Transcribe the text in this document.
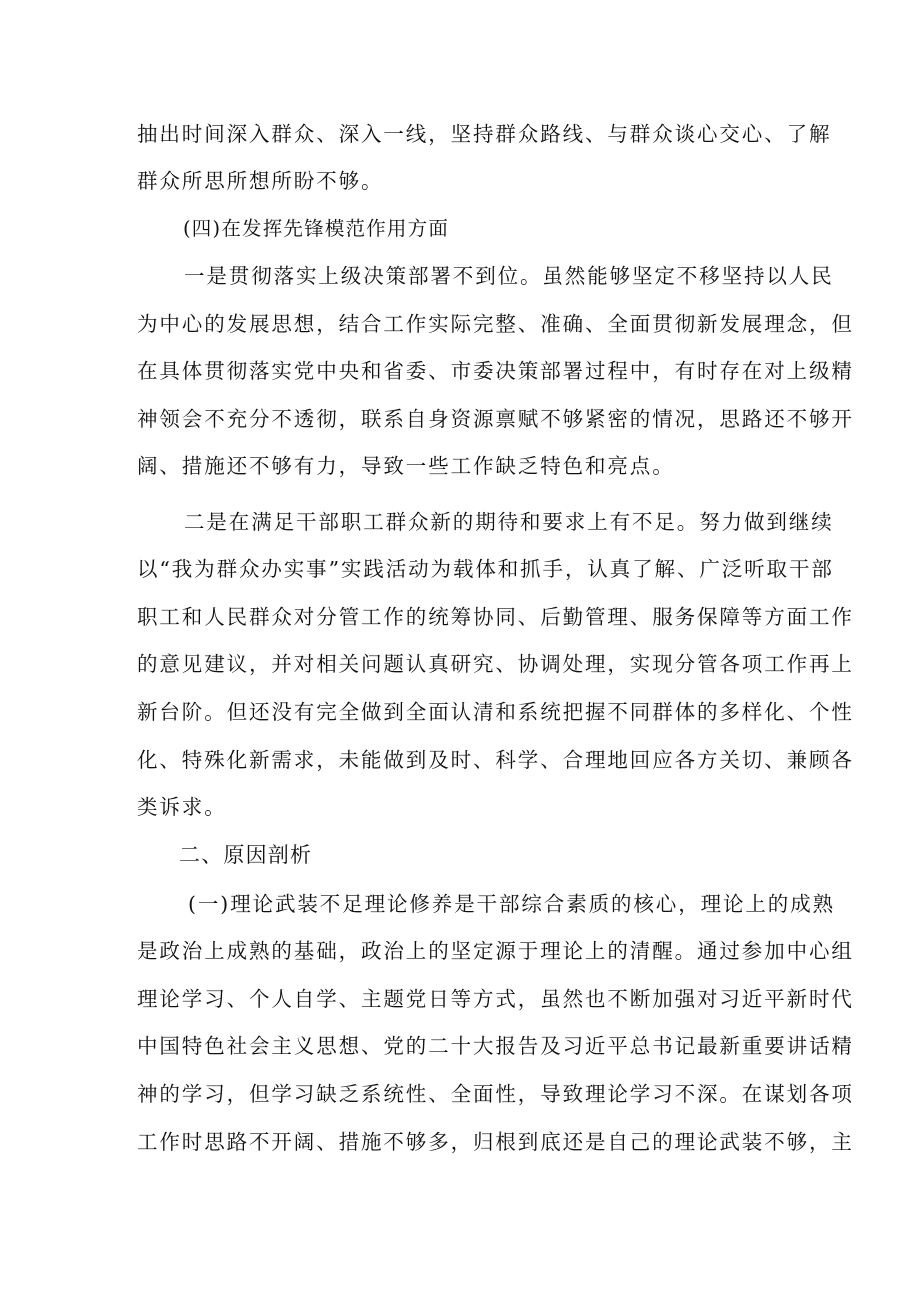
抽出时间深入群众、深入一线，坚持群众路线、与群众谈心交心、了解
群众所思所想所盼不够。
(四)在发挥先锋模范作用方面
一是贯彻落实上级决策部署不到位。虽然能够坚定不移坚持以人民
为中心的发展思想，结合工作实际完整、准确、全面贯彻新发展理念，但
在具体贯彻落实党中央和省委、市委决策部署过程中，有时存在对上级精
神领会不充分不透彻，联系自身资源禀赋不够紧密的情况，思路还不够开
阔、措施还不够有力，导致一些工作缺乏特色和亮点。
二是在满足干部职工群众新的期待和要求上有不足。努力做到继续
以“我为群众办实事”实践活动为载体和抓手，认真了解、广泛听取干部
职工和人民群众对分管工作的统筹协同、后勤管理、服务保障等方面工作
的意见建议，并对相关问题认真研究、协调处理，实现分管各项工作再上
新台阶。但还没有完全做到全面认清和系统把握不同群体的多样化、个性
化、特殊化新需求，未能做到及时、科学、合理地回应各方关切、兼顾各
类诉求。
二、原因剖析
(一)理论武装不足理论修养是干部综合素质的核心，理论上的成熟
是政治上成熟的基础，政治上的坚定源于理论上的清醒。通过参加中心组
理论学习、个人自学、主题党日等方式，虽然也不断加强对习近平新时代
中国特色社会主义思想、党的二十大报告及习近平总书记最新重要讲话精
神的学习，但学习缺乏系统性、全面性，导致理论学习不深。在谋划各项
工作时思路不开阔、措施不够多，归根到底还是自己的理论武装不够，主
